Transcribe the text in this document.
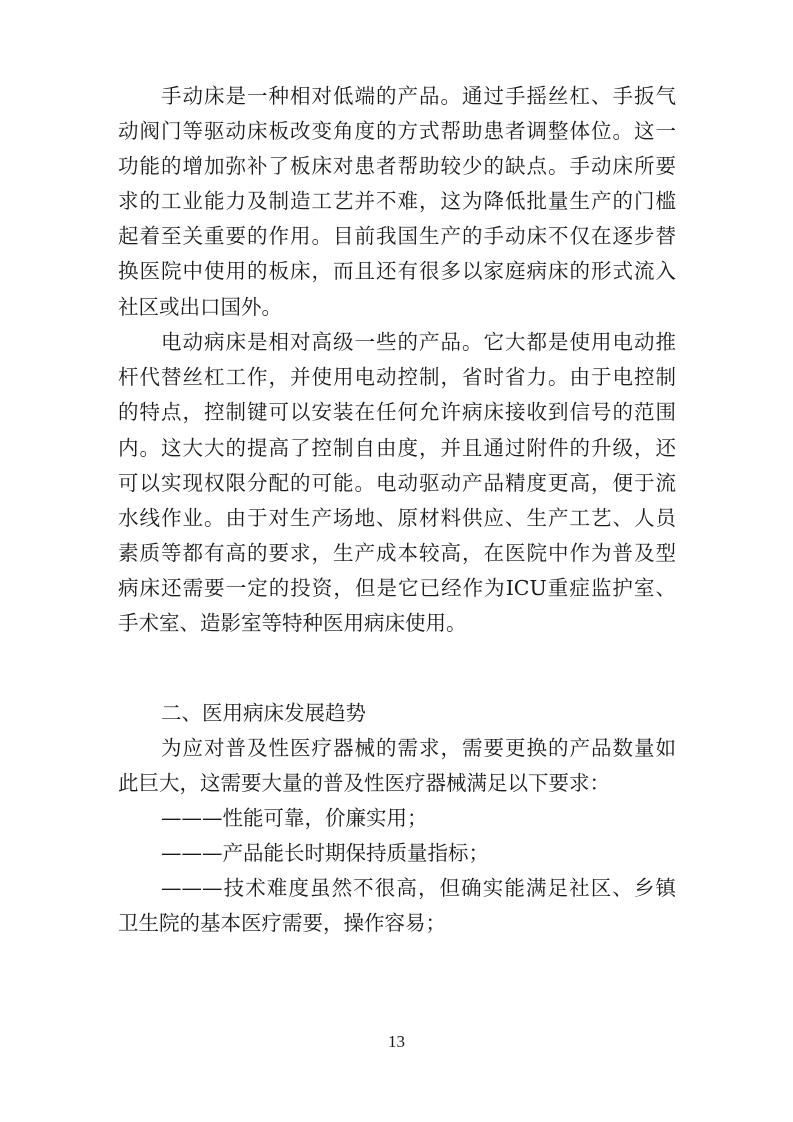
手动床是一种相对低端的产品。通过手摇丝杠、手扳气
动阀门等驱动床板改变角度的方式帮助患者调整体位。这一
功能的增加弥补了板床对患者帮助较少的缺点。手动床所要
求的工业能力及制造工艺并不难，这为降低批量生产的门槛
起着至关重要的作用。目前我国生产的手动床不仅在逐步替
换医院中使用的板床，而且还有很多以家庭病床的形式流入
社区或出口国外。
电动病床是相对高级一些的产品。它大都是使用电动推
杆代替丝杠工作，并使用电动控制，省时省力。由于电控制
的特点，控制键可以安装在任何允许病床接收到信号的范围
内。这大大的提高了控制自由度，并且通过附件的升级，还
可以实现权限分配的可能。电动驱动产品精度更高，便于流
水线作业。由于对生产场地、原材料供应、生产工艺、人员
素质等都有高的要求，生产成本较高，在医院中作为普及型
病床还需要一定的投资，但是它已经作为ICU重症监护室、
手术室、造影室等特种医用病床使用。
二、医用病床发展趋势
为应对普及性医疗器械的需求，需要更换的产品数量如
此巨大，这需要大量的普及性医疗器械满足以下要求：
———性能可靠，价廉实用；
———产品能长时期保持质量指标；
———技术难度虽然不很高，但确实能满足社区、乡镇
卫生院的基本医疗需要，操作容易；
13
